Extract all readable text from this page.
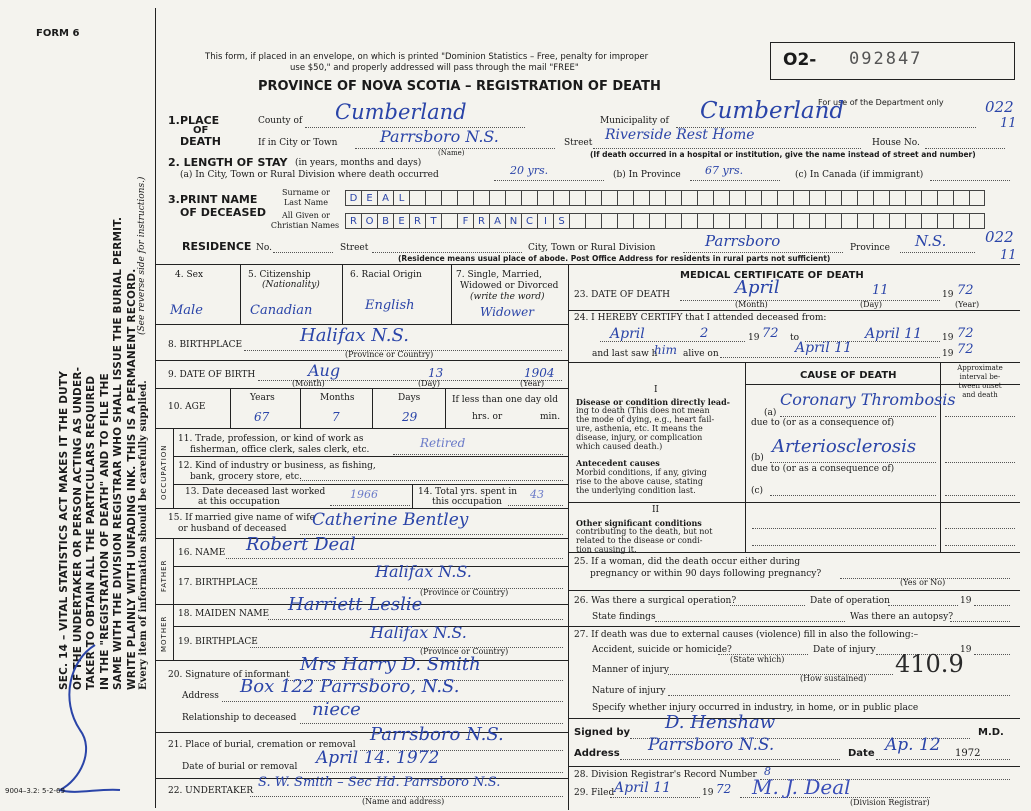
FORM 6
SEC. 14 – VITAL STATISTICS ACT MAKES IT THE DUTY OF THE UNDERTAKER OR PERSON ACTING AS UNDER- TAKER TO OBTAIN ALL THE PARTICULARS REQUIRED IN THE "REGISTRATION OF DEATH" AND TO FILE THE SAME WITH THE DIVISION REGISTRAR WHO SHALL ISSUE THE BURIAL PERMIT. WRITE PLAINLY WITH UNFADING INK. THIS IS A PERMANENT RECORD.
(See reverse side for instructions.)
Every item of information should be carefully supplied.
9004–3.2: 5-2-69
This form, if placed in an envelope, on which is printed "Dominion Statistics – Free, penalty for improper
use $50," and properly addressed will pass through the mail "FREE"
PROVINCE OF NOVA SCOTIA – REGISTRATION OF DEATH
O2- 092847
For use of the Department only	022
11
1. PLACE
OF
DEATH
County of Cumberland	Municipality of Cumberland
If in City or Town	Parrsboro N.S.
(Name)
Street Riverside Rest Home	House No.
(If death occurred in a hospital or institution, give the name instead of street and number)
2. LENGTH OF STAY (in years, months and days)
(a) In City, Town or Rural Division where death occurred	20 yrs.	(b) In Province 67 yrs.	(c) In Canada (if immigrant)
3. PRINT NAME
OF DECEASED
Surname or
Last Name
All Given or
Christian Names
D E A L
R O B E R T	F R A N C	I	S
RESIDENCE No.	Street	City, Town or Rural Division	Parrsboro	Province N.S.	022
11
(Residence means usual place of abode. Post Office Address for residents in rural parts not sufficient)
4. Sex	5. Citizenship
(Nationality)
6. Racial Origin	7. Single, Married,
Widowed or Divorced
(write the word)
Male	Canadian	English	Widower
8. BIRTHPLACE	Halifax N.S.
(Province or Country)
9. DATE OF BIRTH	Aug	13	1904
(Month)	(Day)	(Year)
10. AGE
Years	Months	Days
67	7	29
If less than one day old
hrs. or	min.
OCCUPATION
11. Trade, profession, or kind of work as
fisherman, office clerk, sales clerk, etc.	Retired
12. Kind of industry or business, as fishing,
bank, grocery store, etc.
13. Date deceased last worked
at this occupation
1966	14. Total yrs. spent in
this occupation
43
15. If married give name of wife
or husband of deceased Catherine Bentley
FATHER
16. NAME Robert Deal
17. BIRTHPLACE
Halifax N.S.
(Province or Country)
MOTHER
18. MAIDEN NAME Harriett Leslie
19. BIRTHPLACE	Halifax N.S.
(Province or Country)
20. Signature of informant Mrs Harry D. Smith
Address Box 122 Parrsboro, N.S.
Relationship to deceased niece
21. Place of burial, cremation or removal Parrsboro N.S.
Date of burial or removal April 14. 1972
22. UNDERTAKER
S. W. Smith – Sec Hd. Parrsboro N.S.
(Name and address)
MEDICAL CERTIFICATE OF DEATH
23. DATE OF DEATH	April	11	19 72
(Month)	(Day)	(Year)
24. I HEREBY CERTIFY that I attended deceased from:
April	2	19 72 to	April 11 19 72
and last saw h
him alive on	April 11	19 72
CAUSE OF DEATH
Approximate
interval be-
tween onset
and death
I
Disease or condition directly lead-
ing to death (This does not mean
the mode of dying, e.g., heart fail-
ure, asthenia, etc. It means the
disease, injury, or complication
which caused death.)
(a)
Coronary Thrombosis
due to (or as a consequence of)
Antecedent causes
Morbid conditions, if any, giving
rise to the above cause, stating
the underlying condition last.
(b)
Arteriosclerosis
due to (or as a consequence of)
(c)
II
Other significant conditions
contributing to the death, but not
related to the disease or condi-
tion causing it.
25. If a woman, did the death occur either during
pregnancy or within 90 days following pregnancy?
(Yes or No)
26. Was there a surgical operation?	Date of operation	19
State findings	Was there an autopsy?
27. If death was due to external causes (violence) fill in also the following:–
Accident, suicide or homicide?	Date of injury	19
(State which)	410.9
Manner of injury
(How sustained)
Nature of injury
Specify whether injury occurred in industry, in home, or in public place
Signed by D. Henshaw	M.D.
Address Parrsboro N.S.	Date Ap. 12 1972
28. Division Registrar's Record Number 8
29. Filed April 11	19 72 M. J. Deal
(Division Registrar)
